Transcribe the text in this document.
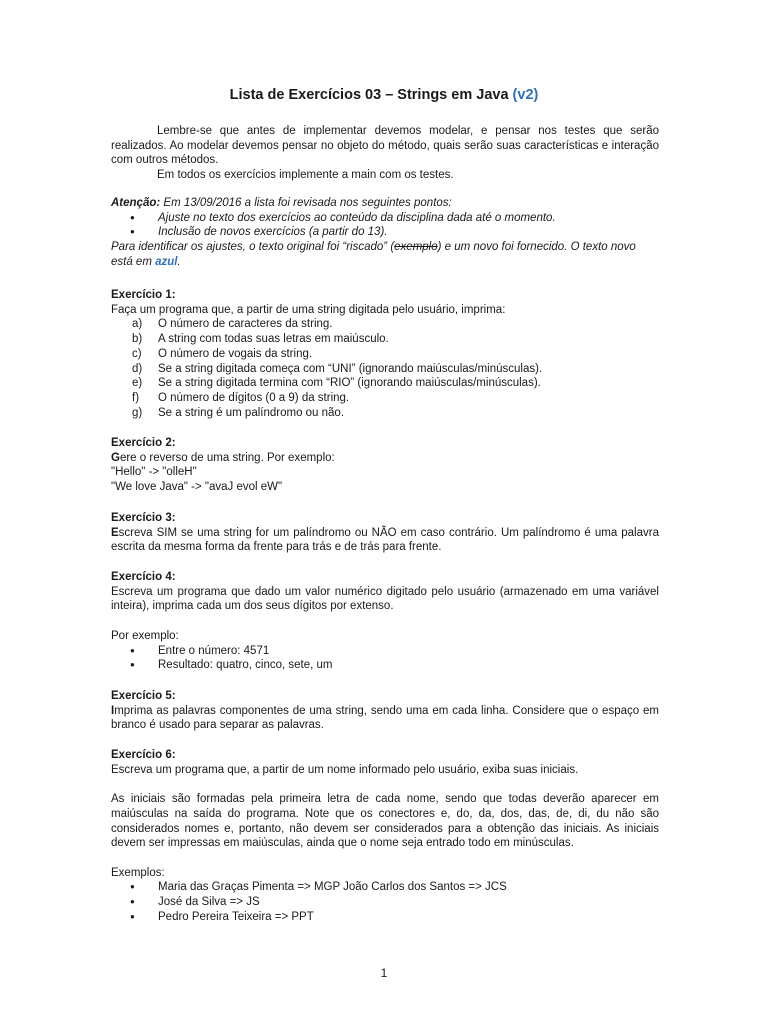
Lista de Exercícios 03 – Strings em Java (v2)

Lembre-se que antes de implementar devemos modelar, e pensar nos testes que serão realizados. Ao modelar devemos pensar no objeto do método, quais serão suas características e interação com outros métodos.

Em todos os exercícios implemente a main com os testes.

Atenção: Em 13/09/2016 a lista foi revisada nos seguintes pontos:

● Ajuste no texto dos exercícios ao conteúdo da disciplina dada até o momento.
● Inclusão de novos exercícios (a partir do 13).

Para identificar os ajustes, o texto original foi “riscado” (exemplo) e um novo foi fornecido. O texto novo está em azul.

Exercício 1:

Faça um programa que, a partir de uma string digitada pelo usuário, imprima:

a) O número de caracteres da string.
b) A string com todas suas letras em maiúsculo.
c) O número de vogais da string.
d) Se a string digitada começa com “UNI” (ignorando maiúsculas/minúsculas).
e) Se a string digitada termina com “RIO” (ignorando maiúsculas/minúsculas).
f) O número de dígitos (0 a 9) da string.
g) Se a string é um palíndromo ou não.

Exercício 2:

Gere o reverso de uma string. Por exemplo:

"Hello" -> "olleH"

"We love Java" -> "avaJ evol eW"

Exercício 3:

Escreva SIM se uma string for um palíndromo ou NÃO em caso contrário. Um palíndromo é uma palavra escrita da mesma forma da frente para trás e de trás para frente.

Exercício 4:

Escreva um programa que dado um valor numérico digitado pelo usuário (armazenado em uma variável inteira), imprima cada um dos seus dígitos por extenso.

Por exemplo:

● Entre o número: 4571
● Resultado: quatro, cinco, sete, um

Exercício 5:

Imprima as palavras componentes de uma string, sendo uma em cada linha. Considere que o espaço em branco é usado para separar as palavras.

Exercício 6:

Escreva um programa que, a partir de um nome informado pelo usuário, exiba suas iniciais.

As iniciais são formadas pela primeira letra de cada nome, sendo que todas deverão aparecer em maiúsculas na saída do programa. Note que os conectores e, do, da, dos, das, de, di, du não são considerados nomes e, portanto, não devem ser considerados para a obtenção das iniciais. As iniciais devem ser impressas em maiúsculas, ainda que o nome seja entrado todo em minúsculas.

Exemplos:

● Maria das Graças Pimenta => MGP João Carlos dos Santos => JCS
● José da Silva => JS
● Pedro Pereira Teixeira => PPT
1
